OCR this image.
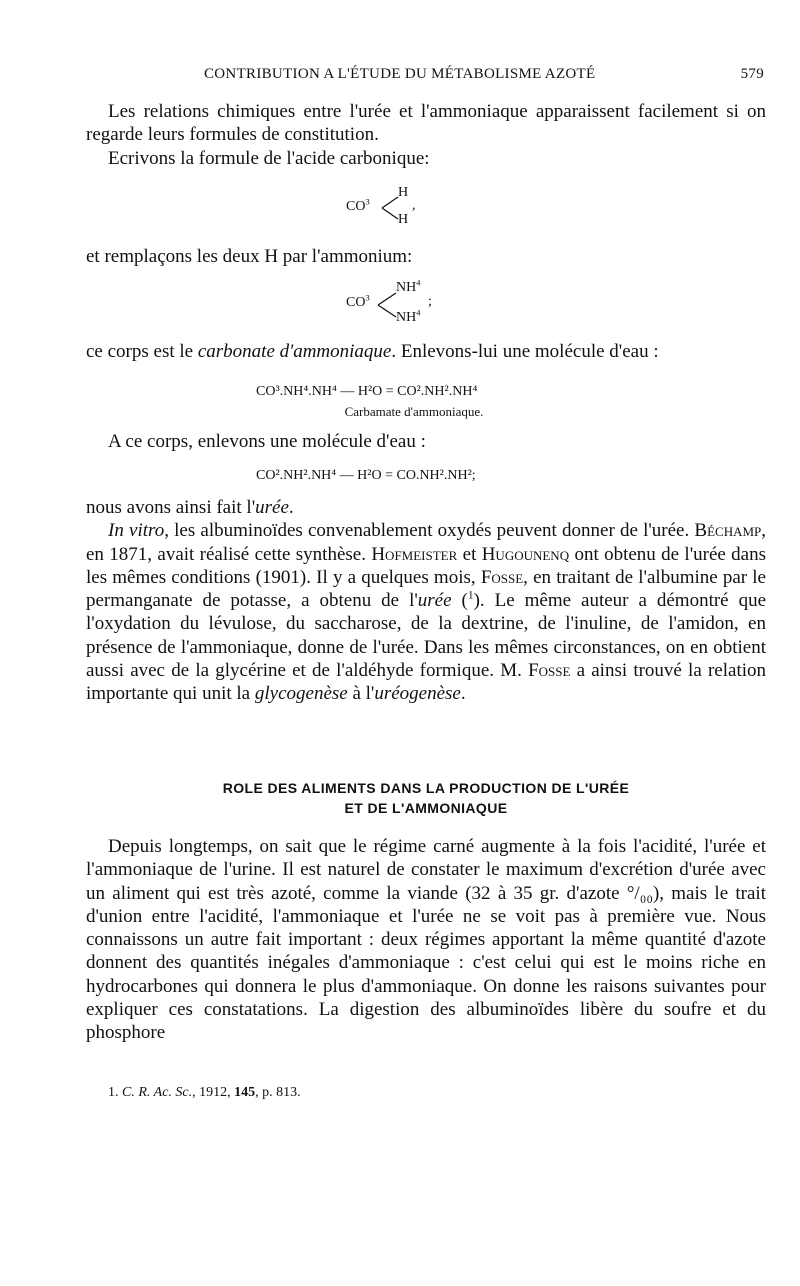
CONTRIBUTION A L'ÉTUDE DU MÉTABOLISME AZOTÉ	579

Les relations chimiques entre l'urée et l'ammoniaque apparaissent facilement si on regarde leurs formules de constitution.

Ecrivons la formule de l'acide carbonique:

$CO^3$
H
H
,

et remplaçons les deux H par l'ammonium:

$CO^3$
$NH^4$
$NH^4$
;

ce corps est le carbonate d'ammoniaque. Enlevons-lui une molécule d'eau :

CO³.NH⁴.NH⁴ — H²O = CO².NH².NH⁴
Carbamate d'ammoniaque.

A ce corps, enlevons une molécule d'eau :

CO².NH².NH⁴ — H²O = CO.NH².NH²;

nous avons ainsi fait l'urée.

In vitro, les albuminoïdes convenablement oxydés peuvent donner de l'urée. Béchamp, en 1871, avait réalisé cette synthèse. Hofmeister et Hugounenq ont obtenu de l'urée dans les mêmes conditions (1901). Il y a quelques mois, Fosse, en traitant de l'albumine par le permanganate de potasse, a obtenu de l'urée ($^1$). Le même auteur a démontré que l'oxydation du lévulose, du saccharose, de la dextrine, de l'inuline, de l'amidon, en présence de l'ammoniaque, donne de l'urée. Dans les mêmes circonstances, on en obtient aussi avec de la glycérine et de l'aldéhyde formique. M. Fosse a ainsi trouvé la relation importante qui unit la glycogenèse à l'uréogenèse.

ROLE DES ALIMENTS DANS LA PRODUCTION DE L'URÉE
ET DE L'AMMONIAQUE

Depuis longtemps, on sait que le régime carné augmente à la fois l'acidité, l'urée et l'ammoniaque de l'urine. Il est naturel de constater le maximum d'excrétion d'urée avec un aliment qui est très azoté, comme la viande (32 à 35 gr. d'azote °/₀₀), mais le trait d'union entre l'acidité, l'ammoniaque et l'urée ne se voit pas à première vue. Nous connaissons un autre fait important : deux régimes apportant la même quantité d'azote donnent des quantités inégales d'ammoniaque : c'est celui qui est le moins riche en hydrocarbones qui donnera le plus d'ammoniaque. On donne les raisons suivantes pour expliquer ces constatations. La digestion des albuminoïdes libère du soufre et du phosphore

1. C. R. Ac. Sc., 1912, 145, p. 813.
